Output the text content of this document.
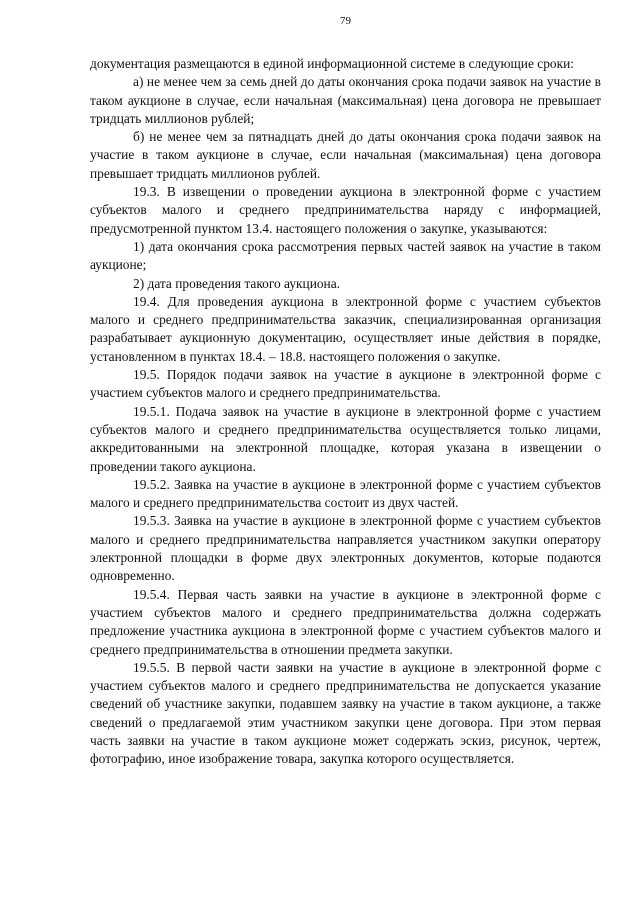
79

документация размещаются в единой информационной системе в следующие сроки:

а) не менее чем за семь дней до даты окончания срока подачи заявок на участие в таком аукционе в случае, если начальная (максимальная) цена договора не превышает тридцать миллионов рублей;

б) не менее чем за пятнадцать дней до даты окончания срока подачи заявок на участие в таком аукционе в случае, если начальная (максимальная) цена договора превышает тридцать миллионов рублей.

19.3. В извещении о проведении аукциона в электронной форме с участием субъектов малого и среднего предпринимательства наряду с информацией, предусмотренной пунктом 13.4. настоящего положения о закупке, указываются:

1) дата окончания срока рассмотрения первых частей заявок на участие в таком аукционе;

2) дата проведения такого аукциона.

19.4. Для проведения аукциона в электронной форме с участием субъектов малого и среднего предпринимательства заказчик, специализированная организация разрабатывает аукционную документацию, осуществляет иные действия в порядке, установленном в пунктах 18.4. – 18.8. настоящего положения о закупке.

19.5. Порядок подачи заявок на участие в аукционе в электронной форме с участием субъектов малого и среднего предпринимательства.

19.5.1. Подача заявок на участие в аукционе в электронной форме с участием субъектов малого и среднего предпринимательства осуществляется только лицами, аккредитованными на электронной площадке, которая указана в извещении о проведении такого аукциона.

19.5.2. Заявка на участие в аукционе в электронной форме с участием субъектов малого и среднего предпринимательства состоит из двух частей.

19.5.3. Заявка на участие в аукционе в электронной форме с участием субъектов малого и среднего предпринимательства направляется участником закупки оператору электронной площадки в форме двух электронных документов, которые подаются одновременно.

19.5.4. Первая часть заявки на участие в аукционе в электронной форме с участием субъектов малого и среднего предпринимательства должна содержать предложение участника аукциона в электронной форме с участием субъектов малого и среднего предпринимательства в отношении предмета закупки.

19.5.5. В первой части заявки на участие в аукционе в электронной форме с участием субъектов малого и среднего предпринимательства не допускается указание сведений об участнике закупки, подавшем заявку на участие в таком аукционе, а также сведений о предлагаемой этим участником закупки цене договора. При этом первая часть заявки на участие в таком аукционе может содержать эскиз, рисунок, чертеж, фотографию, иное изображение товара, закупка которого осуществляется.
